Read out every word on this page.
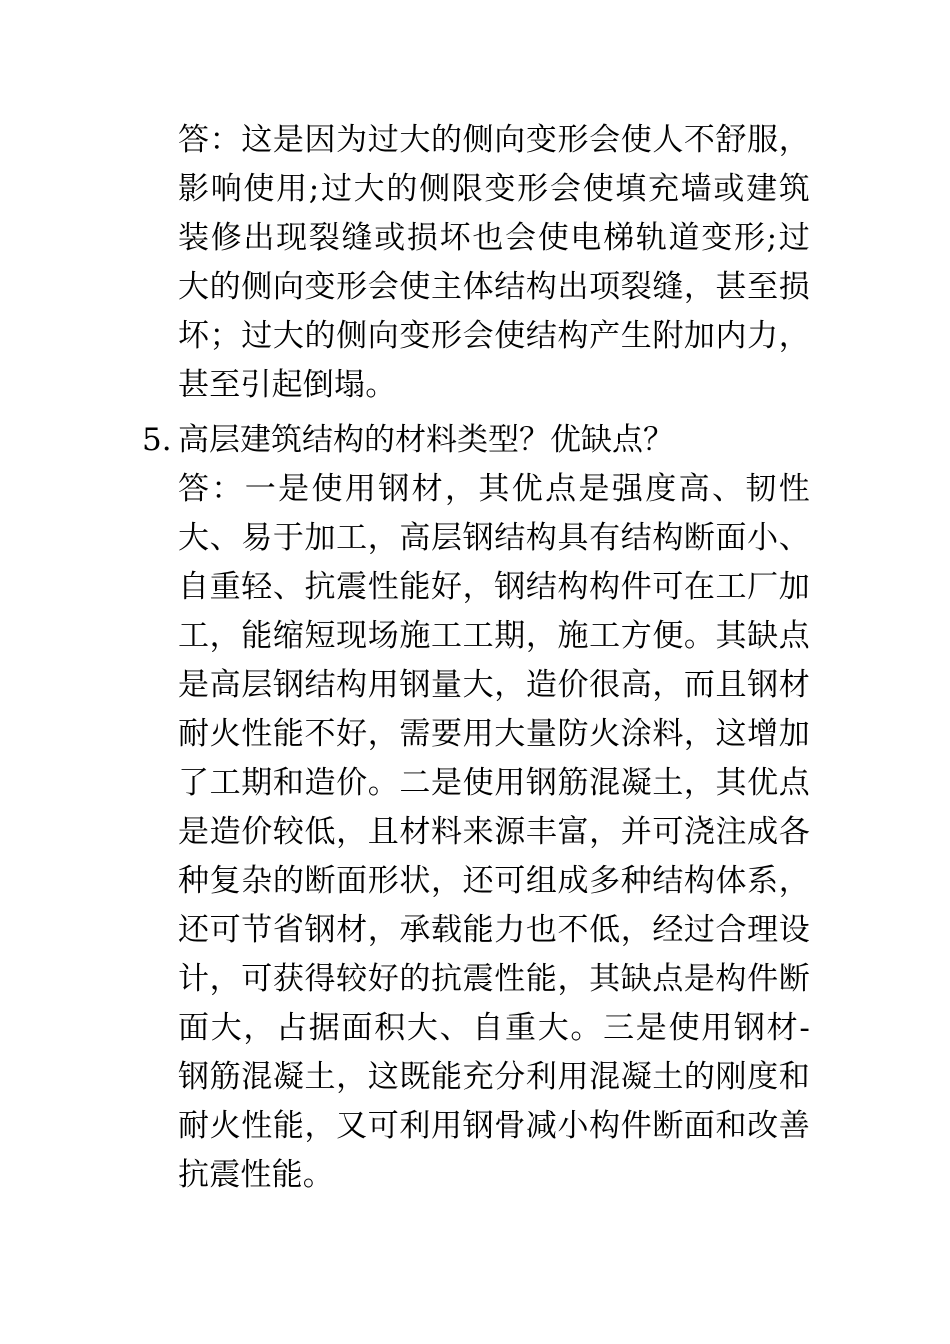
答：这是因为过大的侧向变形会使人不舒服，影响使用;过大的侧限变形会使填充墙或建筑装修出现裂缝或损坏也会使电梯轨道变形;过大的侧向变形会使主体结构出项裂缝，甚至损坏；过大的侧向变形会使结构产生附加内力，甚至引起倒塌。

5. 高层建筑结构的材料类型？优缺点？

答：一是使用钢材，其优点是强度高、韧性大、易于加工，高层钢结构具有结构断面小、自重轻、抗震性能好，钢结构构件可在工厂加工，能缩短现场施工工期，施工方便。其缺点是高层钢结构用钢量大，造价很高，而且钢材耐火性能不好，需要用大量防火涂料，这增加了工期和造价。二是使用钢筋混凝土，其优点是造价较低，且材料来源丰富，并可浇注成各种复杂的断面形状，还可组成多种结构体系，还可节省钢材，承载能力也不低，经过合理设计，可获得较好的抗震性能，其缺点是构件断面大，占据面积大、自重大。三是使用钢材-钢筋混凝土，这既能充分利用混凝土的刚度和耐火性能，又可利用钢骨减小构件断面和改善抗震性能。
